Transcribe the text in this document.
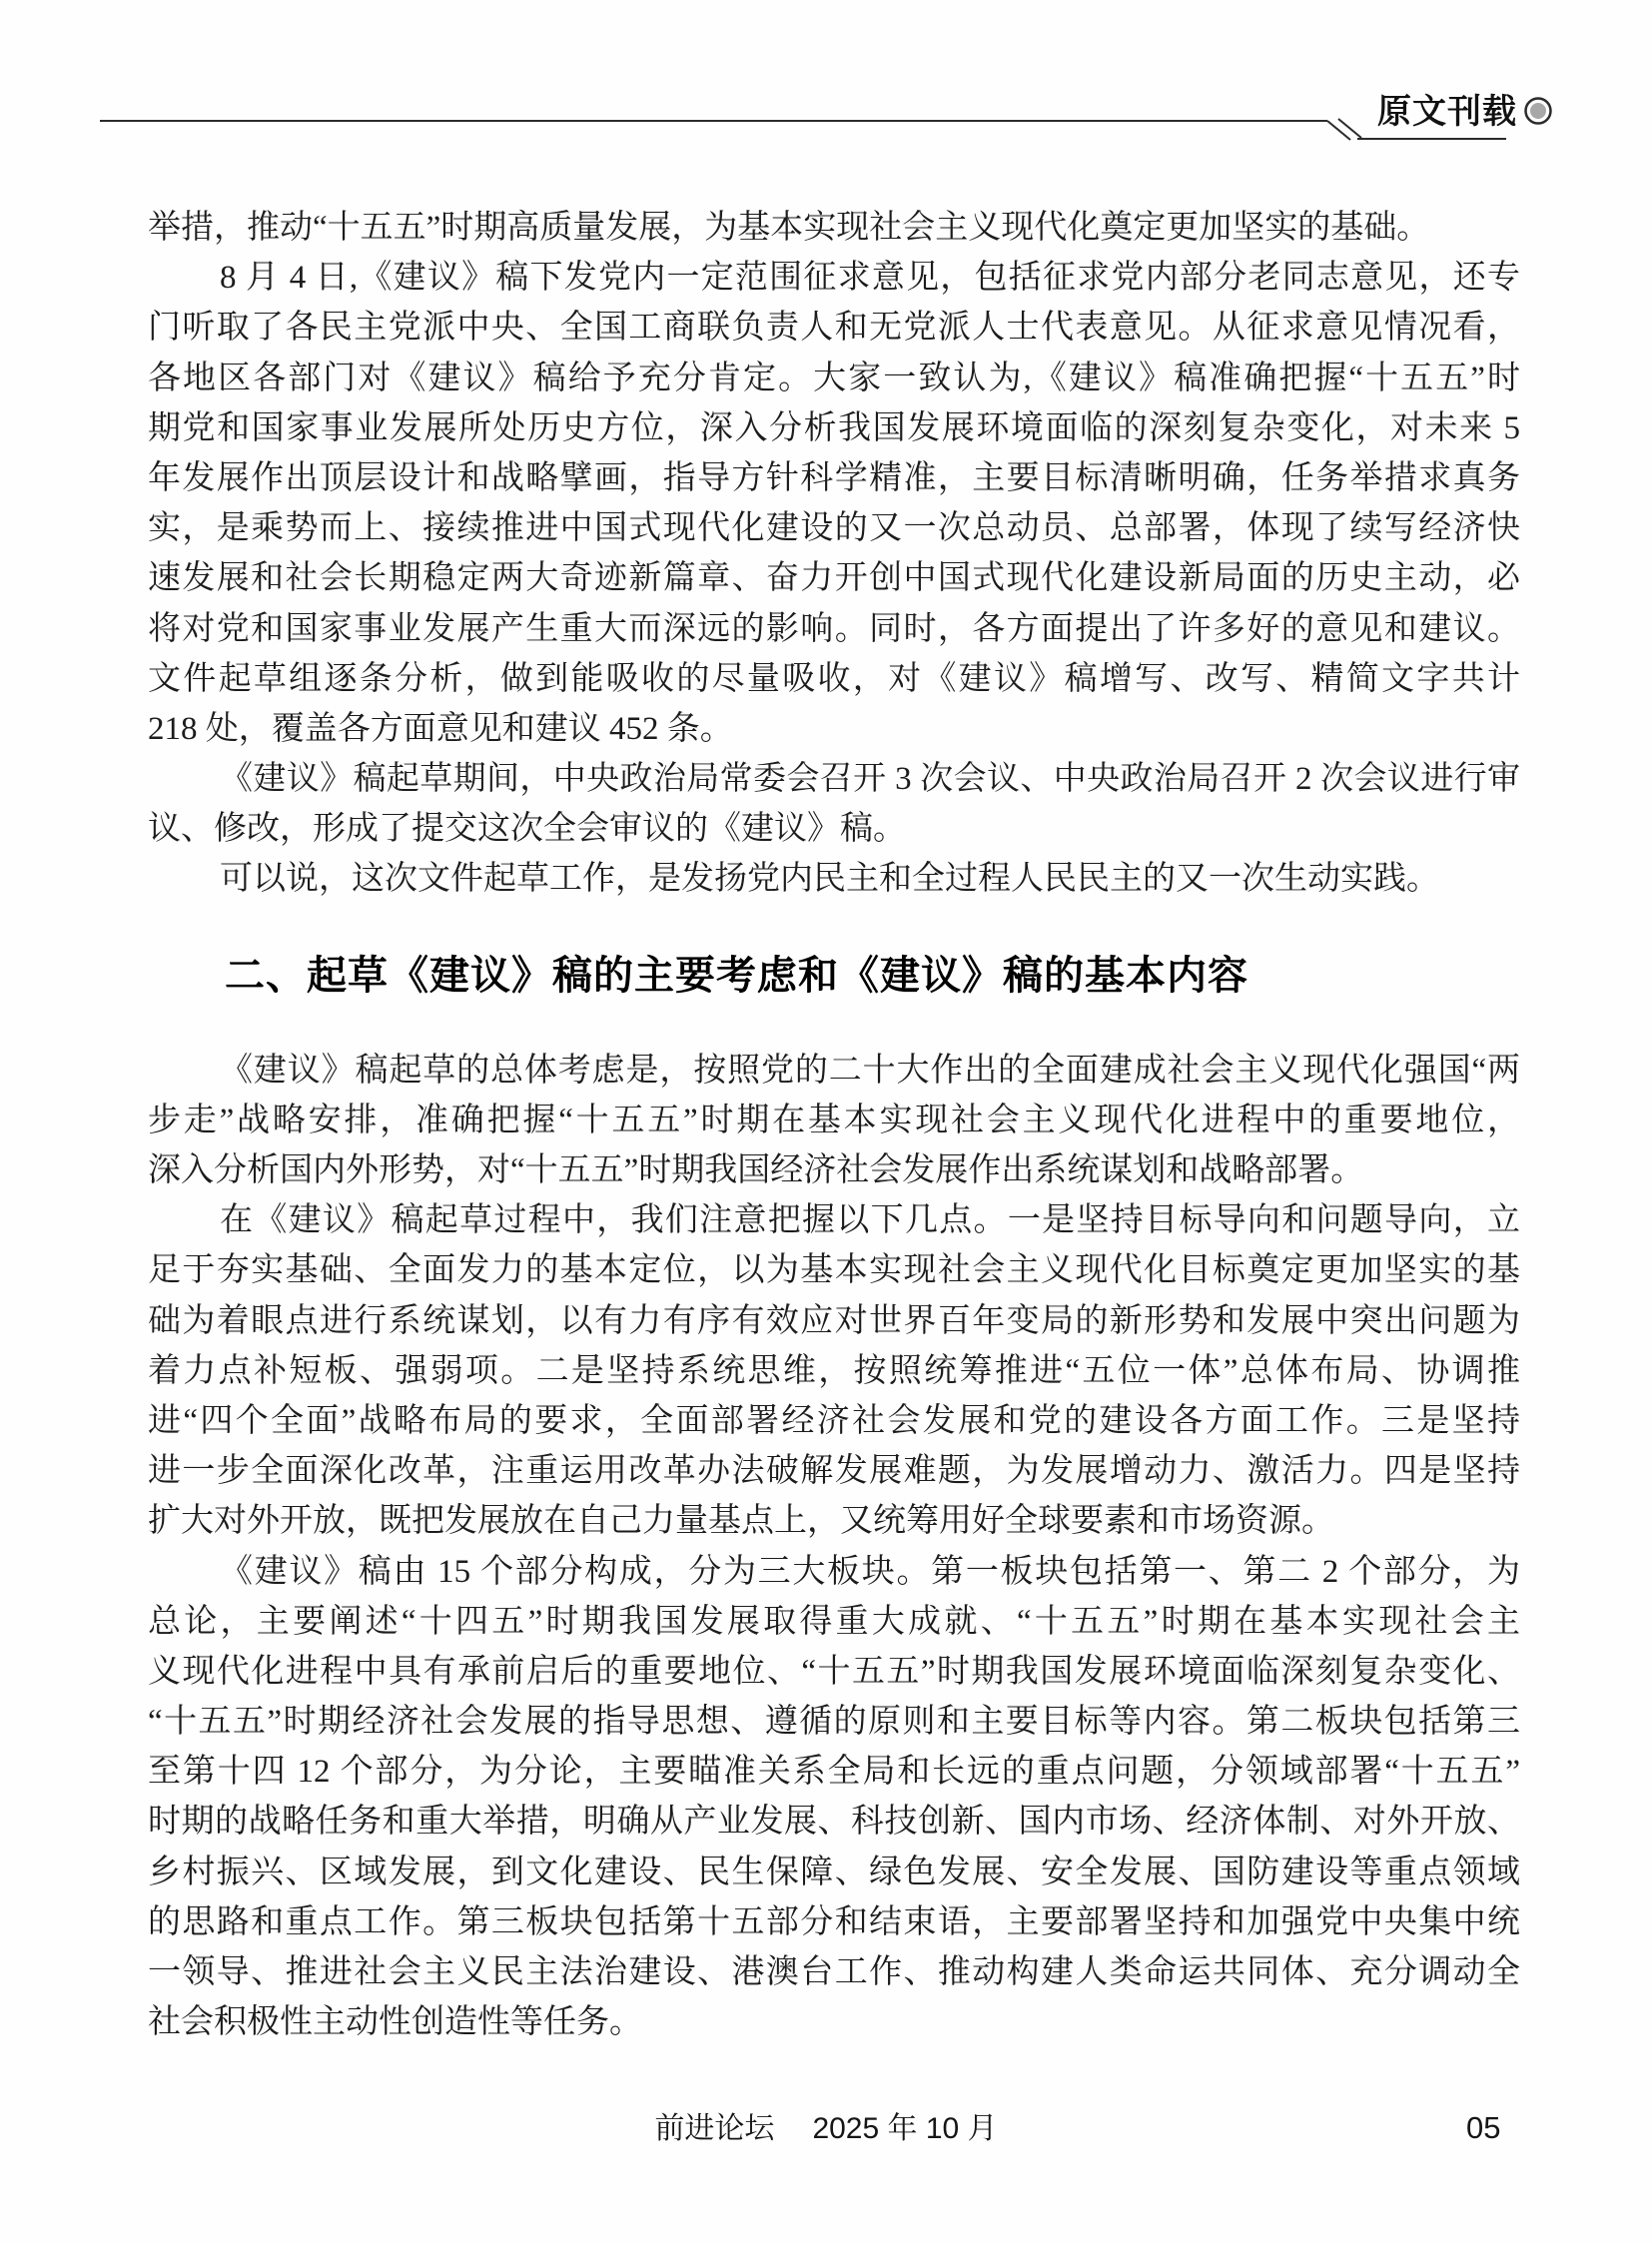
原文刊载
举措，推动“十五五”时期高质量发展，为基本实现社会主义现代化奠定更加坚实的基础。
8 月 4 日,《建议》稿下发党内一定范围征求意见，包括征求党内部分老同志意见，还专
门听取了各民主党派中央、全国工商联负责人和无党派人士代表意见。从征求意见情况看，
各地区各部门对《建议》稿给予充分肯定。大家一致认为,《建议》稿准确把握“十五五”时
期党和国家事业发展所处历史方位，深入分析我国发展环境面临的深刻复杂变化，对未来 5
年发展作出顶层设计和战略擘画，指导方针科学精准，主要目标清晰明确，任务举措求真务
实，是乘势而上、接续推进中国式现代化建设的又一次总动员、总部署，体现了续写经济快
速发展和社会长期稳定两大奇迹新篇章、奋力开创中国式现代化建设新局面的历史主动，必
将对党和国家事业发展产生重大而深远的影响。同时，各方面提出了许多好的意见和建议。
文件起草组逐条分析，做到能吸收的尽量吸收，对《建议》稿增写、改写、精简文字共计
218 处，覆盖各方面意见和建议 452 条。
《建议》稿起草期间，中央政治局常委会召开 3 次会议、中央政治局召开 2 次会议进行审
议、修改，形成了提交这次全会审议的《建议》稿。
可以说，这次文件起草工作，是发扬党内民主和全过程人民民主的又一次生动实践。
二、起草《建议》稿的主要考虑和《建议》稿的基本内容
《建议》稿起草的总体考虑是，按照党的二十大作出的全面建成社会主义现代化强国“两
步走”战略安排，准确把握“十五五”时期在基本实现社会主义现代化进程中的重要地位，
深入分析国内外形势，对“十五五”时期我国经济社会发展作出系统谋划和战略部署。
在《建议》稿起草过程中，我们注意把握以下几点。一是坚持目标导向和问题导向，立
足于夯实基础、全面发力的基本定位，以为基本实现社会主义现代化目标奠定更加坚实的基
础为着眼点进行系统谋划，以有力有序有效应对世界百年变局的新形势和发展中突出问题为
着力点补短板、强弱项。二是坚持系统思维，按照统筹推进“五位一体”总体布局、协调推
进“四个全面”战略布局的要求，全面部署经济社会发展和党的建设各方面工作。三是坚持
进一步全面深化改革，注重运用改革办法破解发展难题，为发展增动力、激活力。四是坚持
扩大对外开放，既把发展放在自己力量基点上，又统筹用好全球要素和市场资源。
《建议》稿由 15 个部分构成，分为三大板块。第一板块包括第一、第二 2 个部分，为
总论，主要阐述“十四五”时期我国发展取得重大成就、“十五五”时期在基本实现社会主
义现代化进程中具有承前启后的重要地位、“十五五”时期我国发展环境面临深刻复杂变化、
“十五五”时期经济社会发展的指导思想、遵循的原则和主要目标等内容。第二板块包括第三
至第十四 12 个部分，为分论，主要瞄准关系全局和长远的重点问题，分领域部署“十五五”
时期的战略任务和重大举措，明确从产业发展、科技创新、国内市场、经济体制、对外开放、
乡村振兴、区域发展，到文化建设、民生保障、绿色发展、安全发展、国防建设等重点领域
的思路和重点工作。第三板块包括第十五部分和结束语，主要部署坚持和加强党中央集中统
一领导、推进社会主义民主法治建设、港澳台工作、推动构建人类命运共同体、充分调动全
社会积极性主动性创造性等任务。
前进论坛 2025 年 10 月	05
